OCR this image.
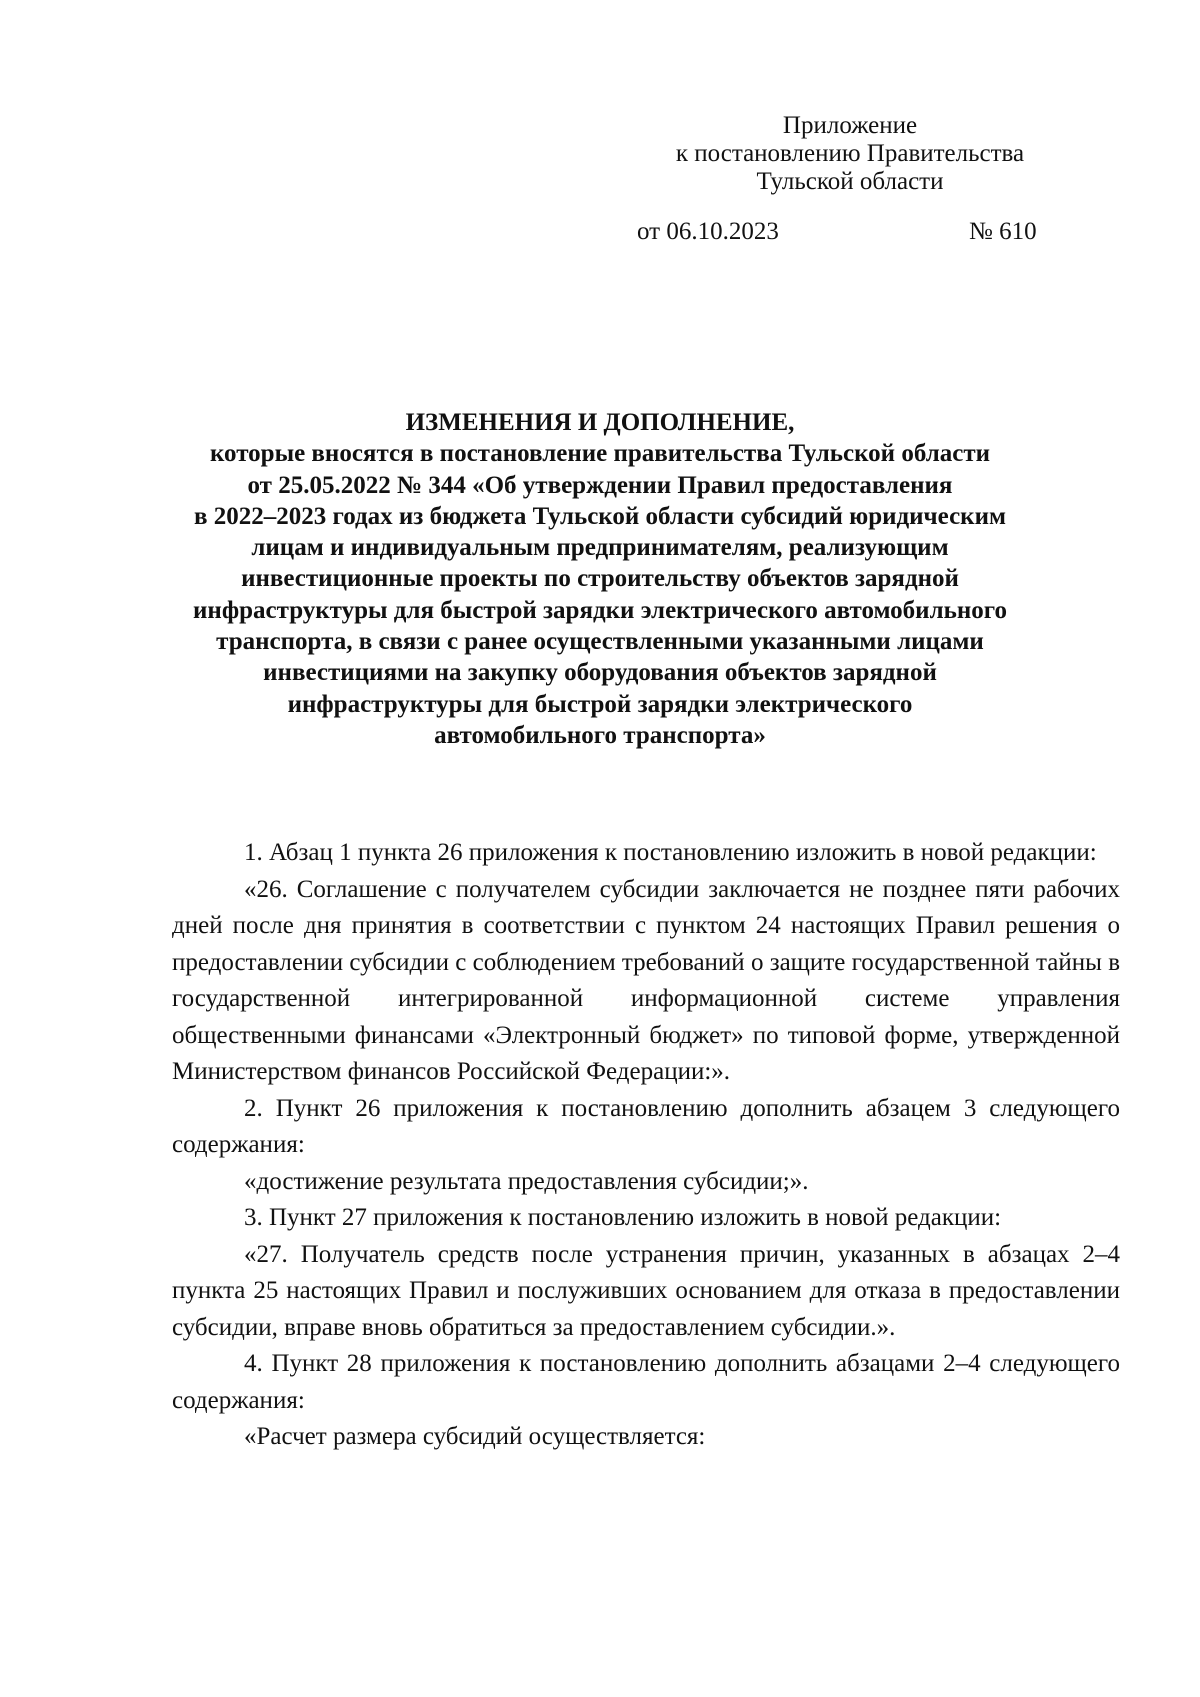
Приложение
к постановлению Правительства
Тульской области
от 06.10.2023	№ 610
ИЗМЕНЕНИЯ И ДОПОЛНЕНИЕ,
которые вносятся в постановление правительства Тульской области
от 25.05.2022 № 344 «Об утверждении Правил предоставления
в 2022–2023 годах из бюджета Тульской области субсидий юридическим
лицам и индивидуальным предпринимателям, реализующим
инвестиционные проекты по строительству объектов зарядной
инфраструктуры для быстрой зарядки электрического автомобильного
транспорта, в связи с ранее осуществленными указанными лицами
инвестициями на закупку оборудования объектов зарядной
инфраструктуры для быстрой зарядки электрического
автомобильного транспорта»

1. Абзац 1 пункта 26 приложения к постановлению изложить в новой редакции:

«26. Соглашение с получателем субсидии заключается не позднее пяти рабочих дней после дня принятия в соответствии с пунктом 24 настоящих Правил решения о предоставлении субсидии с соблюдением требований о защите государственной тайны в государственной интегрированной информационной системе управления общественными финансами «Электронный бюджет» по типовой форме, утвержденной Министерством финансов Российской Федерации:».

2. Пункт 26 приложения к постановлению дополнить абзацем 3 следующего содержания:

«достижение результата предоставления субсидии;».

3. Пункт 27 приложения к постановлению изложить в новой редакции:

«27. Получатель средств после устранения причин, указанных в абзацах 2–4 пункта 25 настоящих Правил и послуживших основанием для отказа в предоставлении субсидии, вправе вновь обратиться за предоставлением субсидии.».

4. Пункт 28 приложения к постановлению дополнить абзацами 2–4 следующего содержания:

«Расчет размера субсидий осуществляется:
